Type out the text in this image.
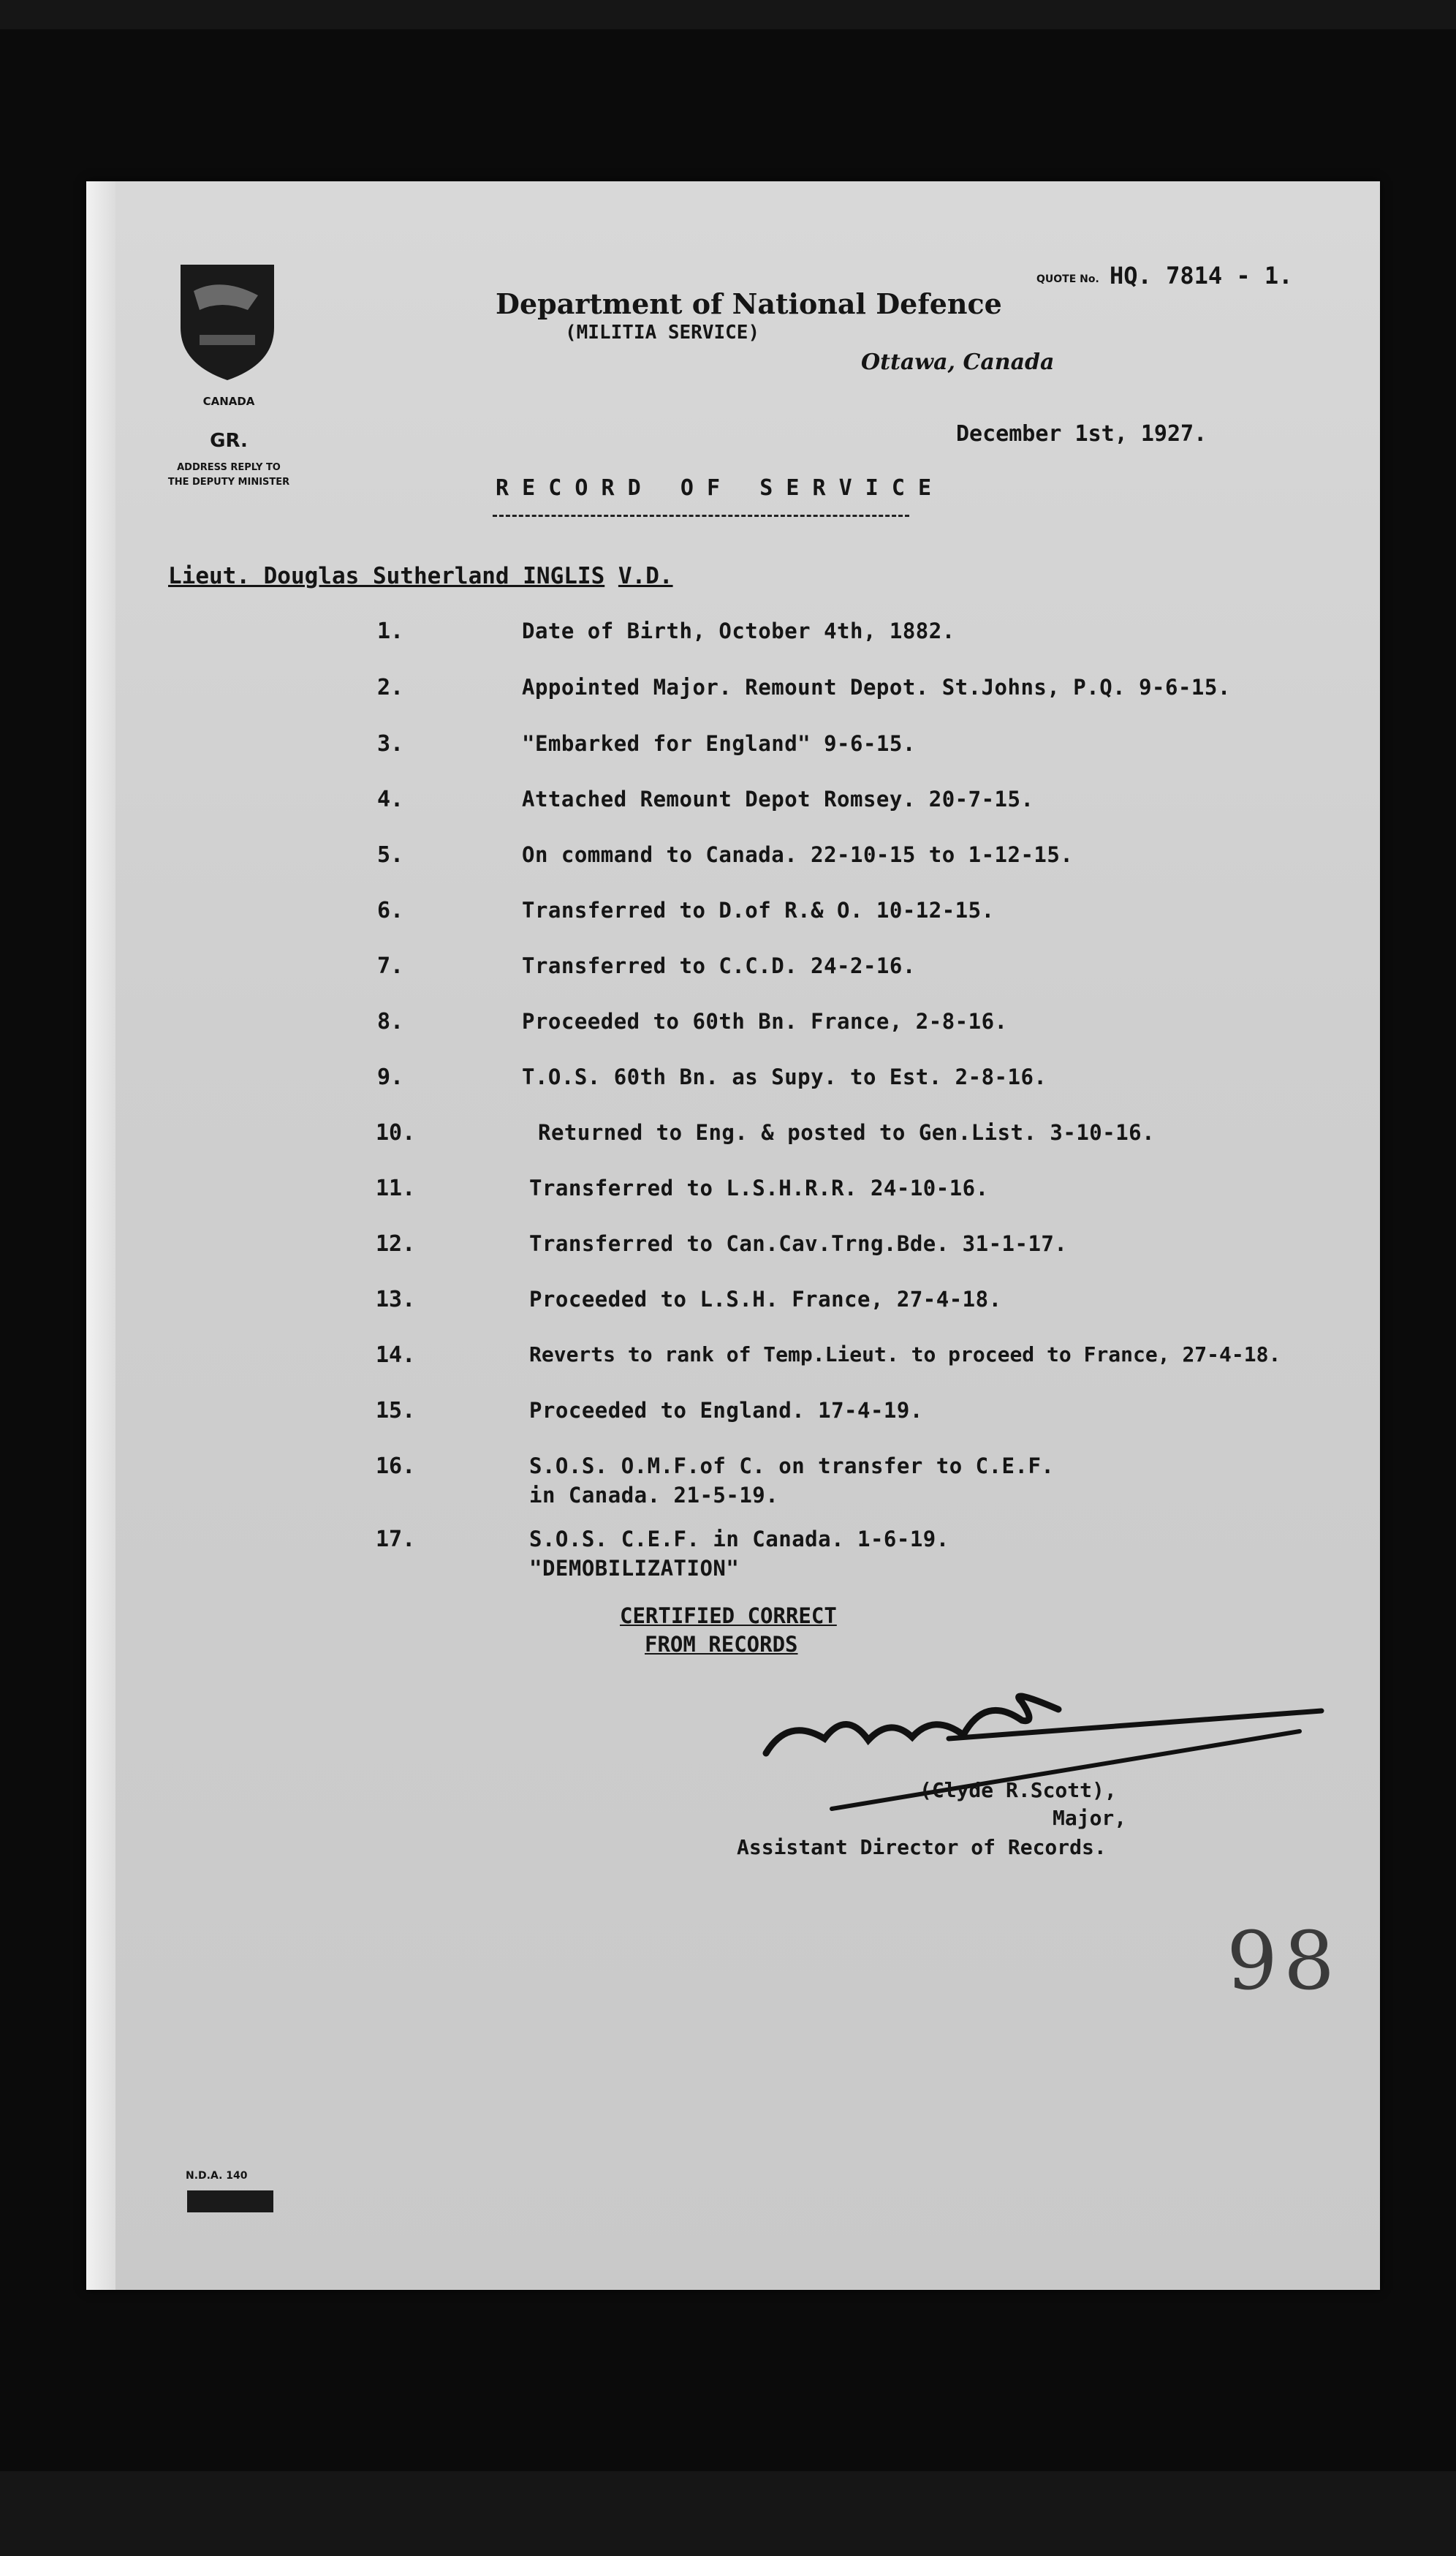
CANADA
GR.
ADDRESS REPLY TO
THE DEPUTY MINISTER
QUOTE No. HQ. 7814 - 1.
Department of National Defence
(MILITIA SERVICE)
Ottawa, Canada
December 1st, 1927.
R E C O R D   O F   S E R V I C E
Lieut. Douglas Sutherland INGLIS V.D.
1.	Date of Birth, October 4th, 1882.
2.	Appointed Major. Remount Depot. St.Johns, P.Q. 9-6-15.
3.	"Embarked for England" 9-6-15.
4.	Attached Remount Depot Romsey. 20-7-15.
5.	On command to Canada. 22-10-15 to 1-12-15.
6.	Transferred to D.of R.& O. 10-12-15.
7.	Transferred to C.C.D. 24-2-16.
8.	Proceeded to 60th Bn. France, 2-8-16.
9.	T.O.S. 60th Bn. as Supy. to Est. 2-8-16.
10.	Returned to Eng. & posted to Gen.List. 3-10-16.
11.	Transferred to L.S.H.R.R. 24-10-16.
12.	Transferred to Can.Cav.Trng.Bde. 31-1-17.
13.	Proceeded to L.S.H. France, 27-4-18.
14.	Reverts to rank of Temp.Lieut. to proceed to France, 27-4-18.
15.	Proceeded to England. 17-4-19.
16.	S.O.S. O.M.F.of C. on transfer to C.E.F.
in Canada. 21-5-19.
17.	S.O.S. C.E.F. in Canada. 1-6-19.
"DEMOBILIZATION"
CERTIFIED CORRECT
FROM RECORDS
(Clyde R.Scott),
Major,
Assistant Director of Records.
98
N.D.A. 140
